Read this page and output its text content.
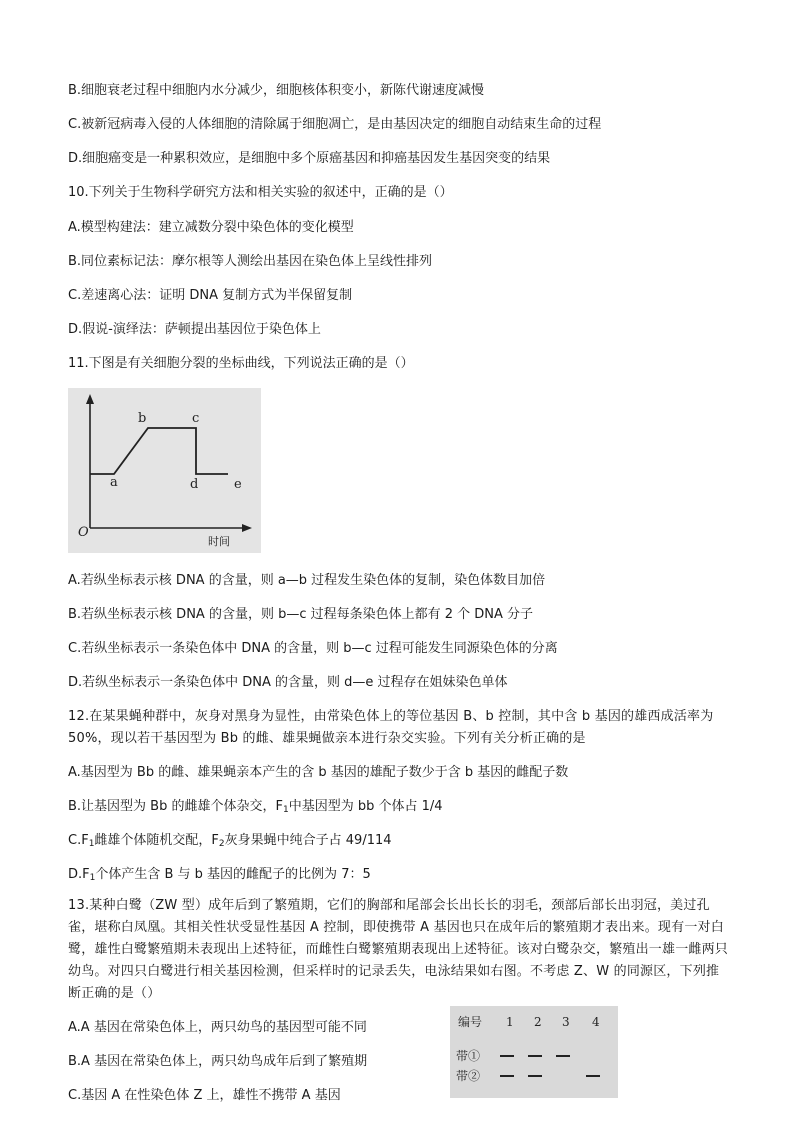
B.细胞衰老过程中细胞内水分减少，细胞核体积变小，新陈代谢速度减慢
C.被新冠病毒入侵的人体细胞的清除属于细胞凋亡，是由基因决定的细胞自动结束生命的过程
D.细胞癌变是一种累积效应，是细胞中多个原癌基因和抑癌基因发生基因突变的结果
10.下列关于生物科学研究方法和相关实验的叙述中，正确的是（）
A.模型构建法：建立减数分裂中染色体的变化模型
B.同位素标记法：摩尔根等人测绘出基因在染色体上呈线性排列
C.差速离心法：证明 DNA 复制方式为半保留复制
D.假说-演绎法：萨顿提出基因位于染色体上
11.下图是有关细胞分裂的坐标曲线，下列说法正确的是（）
a
b	c
d	e
O
时间
A.若纵坐标表示核 DNA 的含量，则 a—b 过程发生染色体的复制，染色体数目加倍
B.若纵坐标表示核 DNA 的含量，则 b—c 过程每条染色体上都有 2 个 DNA 分子
C.若纵坐标表示一条染色体中 DNA 的含量，则 b—c 过程可能发生同源染色体的分离
D.若纵坐标表示一条染色体中 DNA 的含量，则 d—e 过程存在姐妹染色单体
12.在某果蝇种群中，灰身对黑身为显性，由常染色体上的等位基因 B、b 控制，其中含 b 基因的雄西成活率为 50%，现以若干基因型为 Bb 的雌、雄果蝇做亲本进行杂交实验。下列有关分析正确的是
A.基因型为 Bb 的雌、雄果蝇亲本产生的含 b 基因的雄配子数少于含 b 基因的雌配子数
B.让基因型为 Bb 的雌雄个体杂交，$F_1$中基因型为 bb 个体占 1/4
$C.F_1$雌雄个体随机交配，$F_2$灰身果蝇中纯合子占 49/114
$D.F_1$个体产生含 B 与 b 基因的雌配子的比例为 7：5
13.某种白鹭（ZW 型）成年后到了繁殖期，它们的胸部和尾部会长出长长的羽毛，颈部后部长出羽冠，美过孔雀，堪称白凤凰。其相关性状受显性基因 A 控制，即使携带 A 基因也只在成年后的繁殖期才表出来。现有一对白鹭，雄性白鹭繁殖期未表现出上述特征，而雌性白鹭繁殖期表现出上述特征。该对白鹭杂交，繁殖出一雄一雌两只幼鸟。对四只白鹭进行相关基因检测，但采样时的记录丢失，电泳结果如右图。不考虑 Z、W 的同源区，下列推断正确的是（）
A.A 基因在常染色体上，两只幼鸟的基因型可能不同
B.A 基因在常染色体上，两只幼鸟成年后到了繁殖期
C.基因 A 在性染色体 Z 上，雄性不携带 A 基因
编号 1 2 3 4
带①
带②
